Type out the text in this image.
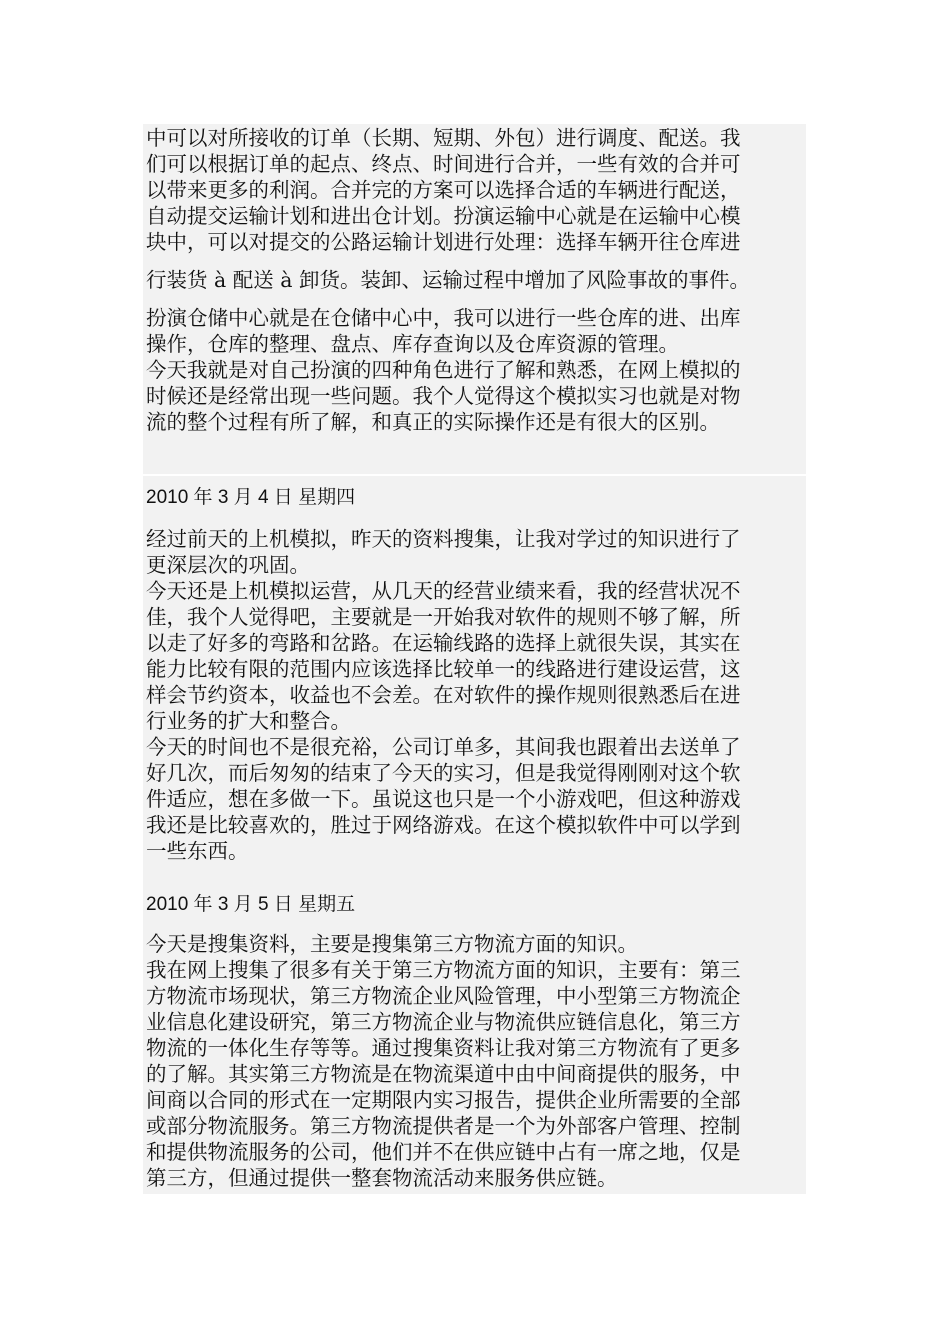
中可以对所接收的订单（长期、短期、外包）进行调度、配送。我
们可以根据订单的起点、终点、时间进行合并，一些有效的合并可
以带来更多的利润。合并完的方案可以选择合适的车辆进行配送，
自动提交运输计划和进出仓计划。扮演运输中心就是在运输中心模
块中，可以对提交的公路运输计划进行处理：选择车辆开往仓库进
行装货 à 配送 à 卸货。装卸、运输过程中增加了风险事故的事件。
扮演仓储中心就是在仓储中心中，我可以进行一些仓库的进、出库
操作，仓库的整理、盘点、库存查询以及仓库资源的管理。
今天我就是对自己扮演的四种角色进行了解和熟悉，在网上模拟的
时候还是经常出现一些问题。我个人觉得这个模拟实习也就是对物
流的整个过程有所了解，和真正的实际操作还是有很大的区别。
2010 年 3 月 4 日 星期四
经过前天的上机模拟，昨天的资料搜集，让我对学过的知识进行了
更深层次的巩固。
今天还是上机模拟运营，从几天的经营业绩来看，我的经营状况不
佳，我个人觉得吧，主要就是一开始我对软件的规则不够了解，所
以走了好多的弯路和岔路。在运输线路的选择上就很失误，其实在
能力比较有限的范围内应该选择比较单一的线路进行建设运营，这
样会节约资本，收益也不会差。在对软件的操作规则很熟悉后在进
行业务的扩大和整合。
今天的时间也不是很充裕，公司订单多，其间我也跟着出去送单了
好几次，而后匆匆的结束了今天的实习，但是我觉得刚刚对这个软
件适应，想在多做一下。虽说这也只是一个小游戏吧，但这种游戏
我还是比较喜欢的，胜过于网络游戏。在这个模拟软件中可以学到
一些东西。
2010 年 3 月 5 日 星期五
今天是搜集资料，主要是搜集第三方物流方面的知识。
我在网上搜集了很多有关于第三方物流方面的知识，主要有：第三
方物流市场现状，第三方物流企业风险管理，中小型第三方物流企
业信息化建设研究，第三方物流企业与物流供应链信息化，第三方
物流的一体化生存等等。通过搜集资料让我对第三方物流有了更多
的了解。其实第三方物流是在物流渠道中由中间商提供的服务，中
间商以合同的形式在一定期限内实习报告，提供企业所需要的全部
或部分物流服务。第三方物流提供者是一个为外部客户管理、控制
和提供物流服务的公司，他们并不在供应链中占有一席之地，仅是
第三方，但通过提供一整套物流活动来服务供应链。
